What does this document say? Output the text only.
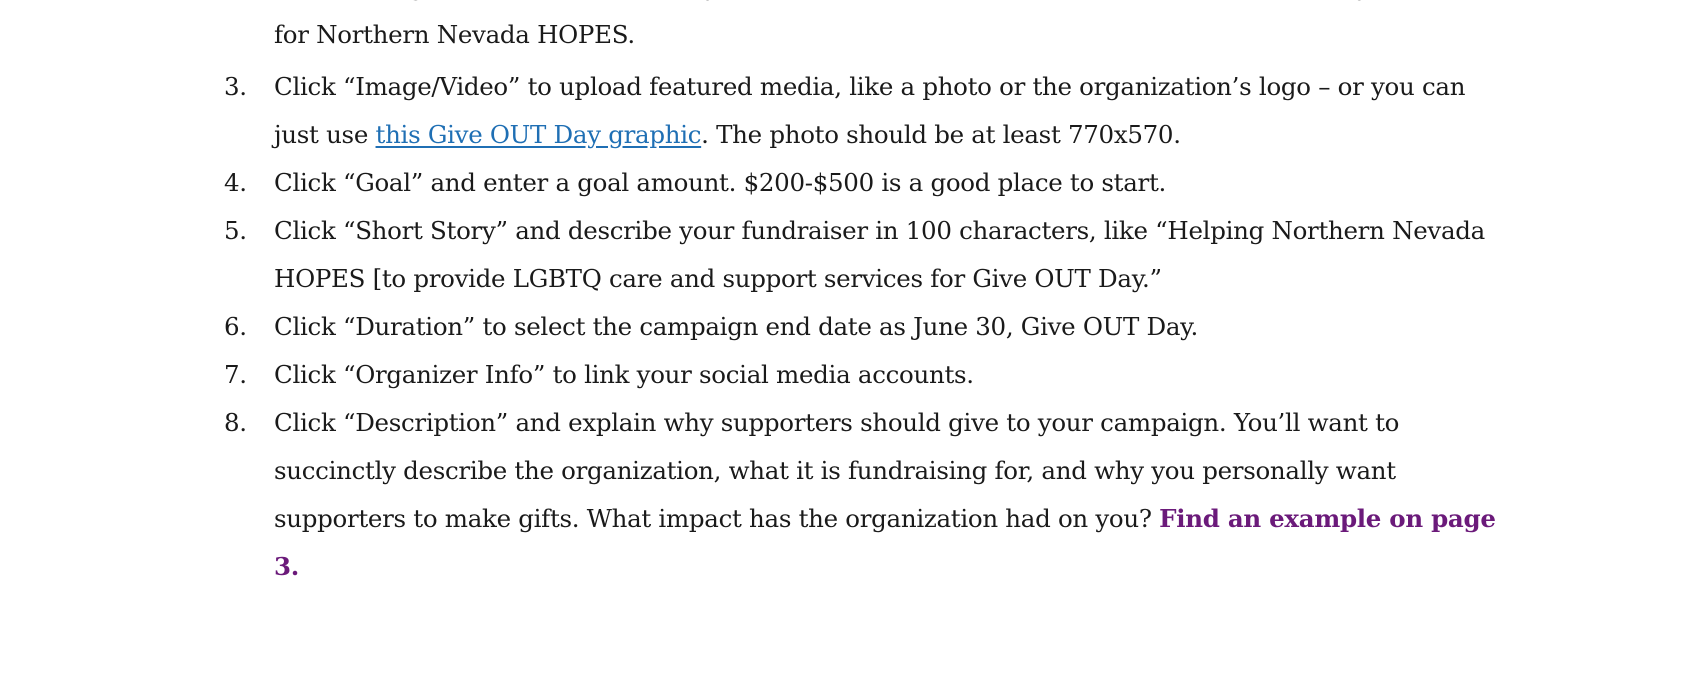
for Northern Nevada HOPES.
3. Click “Image/Video” to upload featured media, like a photo or the organization’s logo – or you can just use this Give OUT Day graphic. The photo should be at least 770x570.
4. Click “Goal” and enter a goal amount. $200-$500 is a good place to start.
5. Click “Short Story” and describe your fundraiser in 100 characters, like “Helping Northern Nevada HOPES [to provide LGBTQ care and support services for Give OUT Day.”
6. Click “Duration” to select the campaign end date as June 30, Give OUT Day.
7. Click “Organizer Info” to link your social media accounts.
8. Click “Description” and explain why supporters should give to your campaign. You’ll want to succinctly describe the organization, what it is fundraising for, and why you personally want supporters to make gifts. What impact has the organization had on you? Find an example on page 3.
